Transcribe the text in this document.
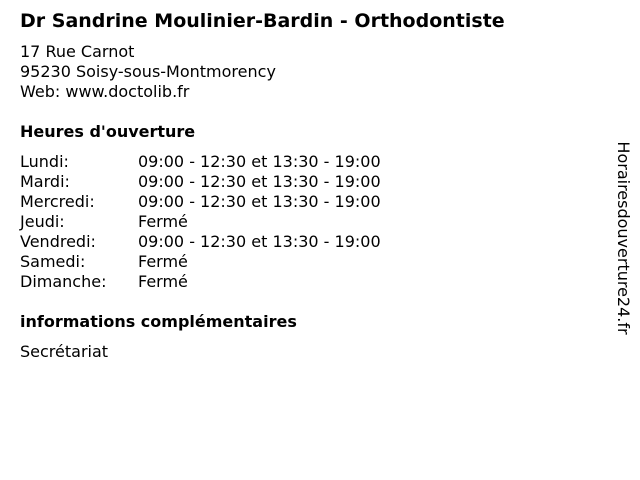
Dr Sandrine Moulinier-Bardin - Orthodontiste
17 Rue Carnot
95230 Soisy-sous-Montmorency
Web: www.doctolib.fr
Heures d'ouverture
Lundi:	09:00 - 12:30 et 13:30 - 19:00
Mardi:	09:00 - 12:30 et 13:30 - 19:00
Mercredi:	09:00 - 12:30 et 13:30 - 19:00
Jeudi:	Fermé
Vendredi:	09:00 - 12:30 et 13:30 - 19:00
Samedi:	Fermé
Dimanche:	Fermé
informations complémentaires
Secrétariat
Horairesdouverture24.fr
